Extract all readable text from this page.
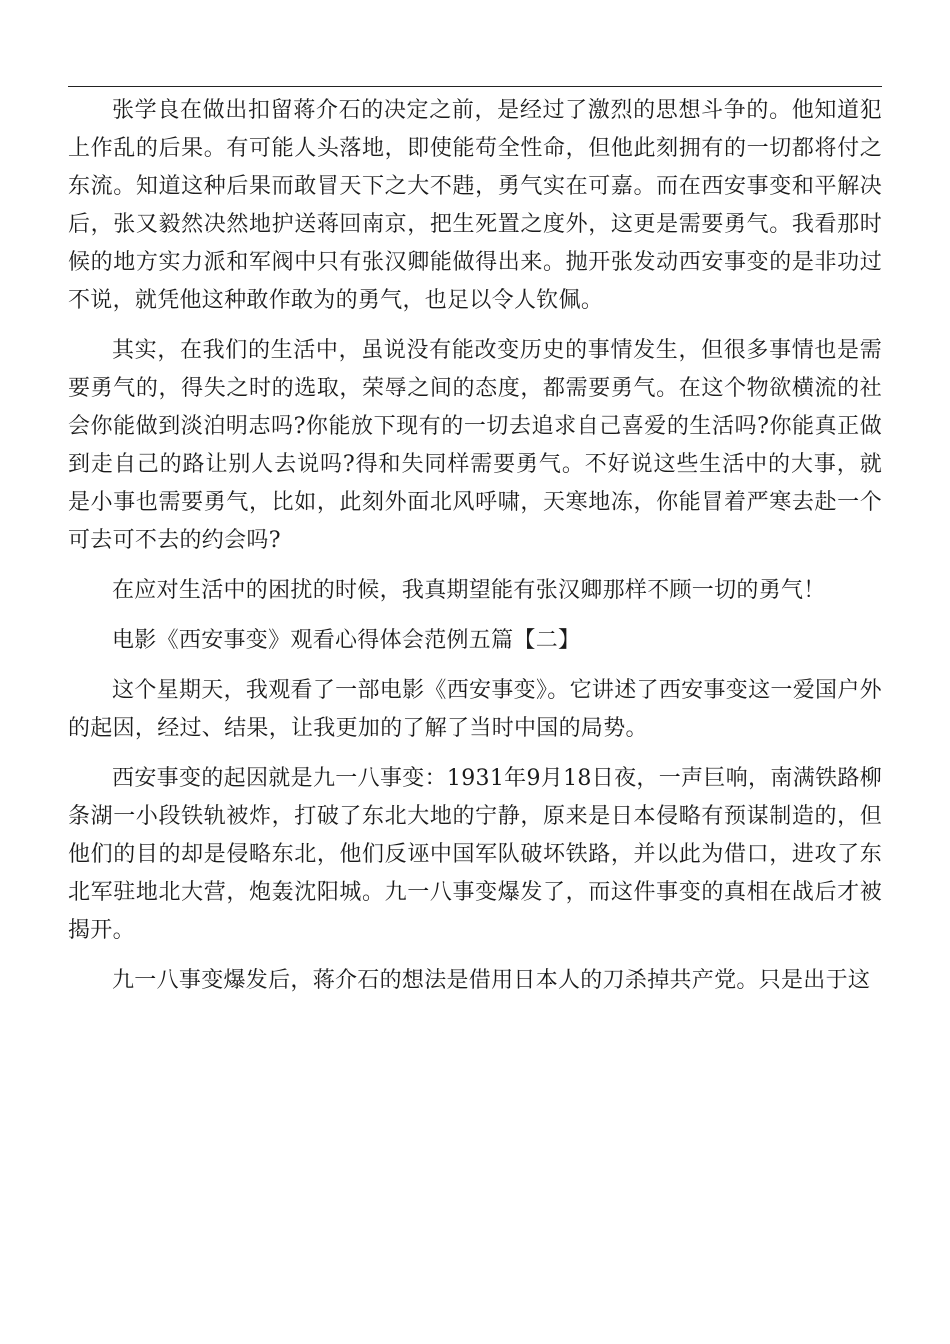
张学良在做出扣留蒋介石的决定之前，是经过了激烈的思想斗争的。他知道犯上作乱的后果。有可能人头落地，即使能苟全性命，但他此刻拥有的一切都将付之东流。知道这种后果而敢冒天下之大不韪，勇气实在可嘉。而在西安事变和平解决后，张又毅然决然地护送蒋回南京，把生死置之度外，这更是需要勇气。我看那时候的地方实力派和军阀中只有张汉卿能做得出来。抛开张发动西安事变的是非功过不说，就凭他这种敢作敢为的勇气，也足以令人钦佩。

其实，在我们的生活中，虽说没有能改变历史的事情发生，但很多事情也是需要勇气的，得失之时的选取，荣辱之间的态度，都需要勇气。在这个物欲横流的社会你能做到淡泊明志吗?你能放下现有的一切去追求自己喜爱的生活吗?你能真正做到走自己的路让别人去说吗?得和失同样需要勇气。不好说这些生活中的大事，就是小事也需要勇气，比如，此刻外面北风呼啸，天寒地冻，你能冒着严寒去赴一个可去可不去的约会吗?

在应对生活中的困扰的时候，我真期望能有张汉卿那样不顾一切的勇气！

电影《西安事变》观看心得体会范例五篇【二】

这个星期天，我观看了一部电影《西安事变》。它讲述了西安事变这一爱国户外的起因，经过、结果，让我更加的了解了当时中国的局势。

西安事变的起因就是九一八事变：1931年9月18日夜，一声巨响，南满铁路柳条湖一小段铁轨被炸，打破了东北大地的宁静，原来是日本侵略有预谋制造的，但他们的目的却是侵略东北，他们反诬中国军队破坏铁路，并以此为借口，进攻了东北军驻地北大营，炮轰沈阳城。九一八事变爆发了，而这件事变的真相在战后才被揭开。

九一八事变爆发后，蒋介石的想法是借用日本人的刀杀掉共产党。只是出于这
